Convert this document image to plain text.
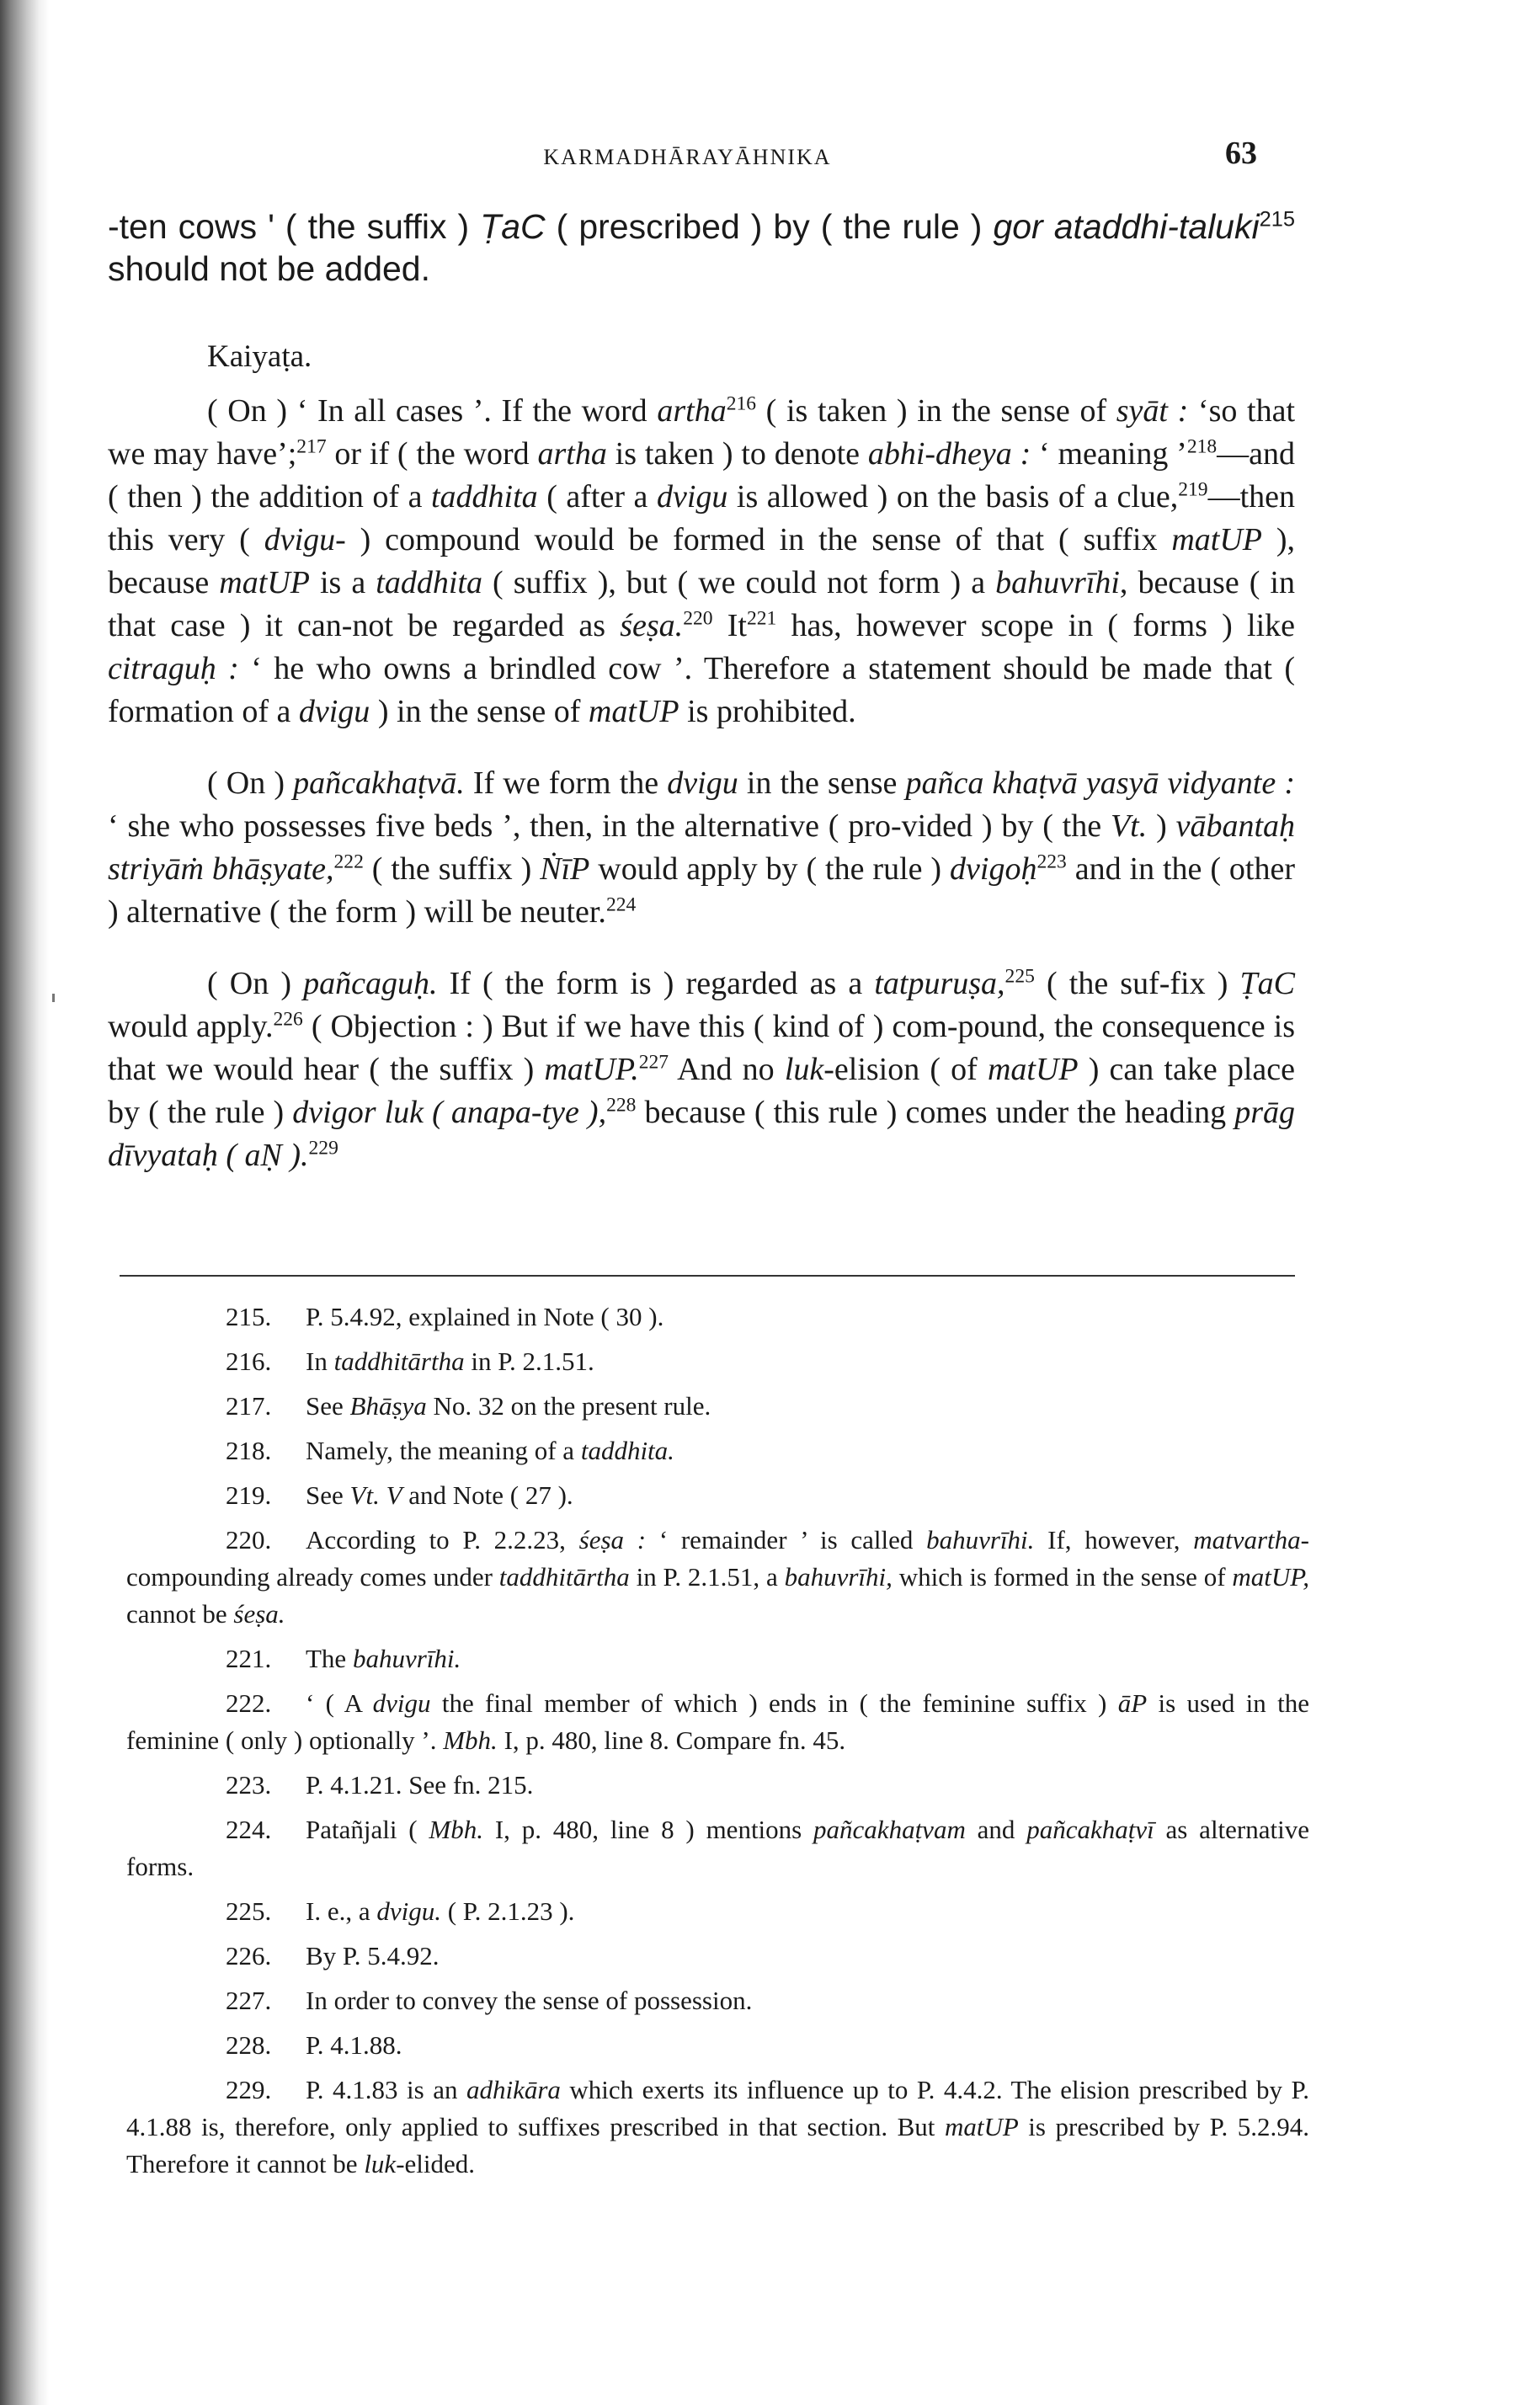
KARMADHĀRAYĀHNIKA	63

-ten cows ' ( the suffix ) ṬaC ( prescribed ) by ( the rule ) gor ataddhi-taluki$^{215}$ should not be added.

Kaiyaṭa.

( On ) ‘ In all cases ’. If the word artha$^{216}$ ( is taken ) in the sense of syāt : ‘so that we may have’;$^{217}$ or if ( the word artha is taken ) to denote abhi-dheya : ‘ meaning ’$^{218}$—and ( then ) the addition of a taddhita ( after a dvigu is allowed ) on the basis of a clue,$^{219}$—then this very ( dvigu- ) compound would be formed in the sense of that ( suffix matUP ), because matUP is a taddhita ( suffix ), but ( we could not form ) a bahuvrīhi, because ( in that case ) it can-not be regarded as śeṣa.$^{220}$ It$^{221}$ has, however scope in ( forms ) like citraguḥ : ‘ he who owns a brindled cow ’. Therefore a statement should be made that ( formation of a dvigu ) in the sense of matUP is prohibited.

( On ) pañcakhaṭvā. If we form the dvigu in the sense pañca khaṭvā yasyā vidyante : ‘ she who possesses five beds ’, then, in the alternative ( pro-vided ) by ( the Vt. ) vābantaḥ striyāṁ bhāṣyate,$^{222}$ ( the suffix ) ṄīP would apply by ( the rule ) dvigoḥ$^{223}$ and in the ( other ) alternative ( the form ) will be neuter.$^{224}$

( On ) pañcaguḥ. If ( the form is ) regarded as a tatpuruṣa,$^{225}$ ( the suf-fix ) ṬaC would apply.$^{226}$ ( Objection : ) But if we have this ( kind of ) com-pound, the consequence is that we would hear ( the suffix ) matUP.$^{227}$ And no luk-elision ( of matUP ) can take place by ( the rule ) dvigor luk ( anapa-tye ),$^{228}$ because ( this rule ) comes under the heading prāg dīvyataḥ ( aṆ ).$^{229}$

215. P. 5.4.92, explained in Note ( 30 ).

216. In taddhitārtha in P. 2.1.51.

217. See Bhāṣya No. 32 on the present rule.

218. Namely, the meaning of a taddhita.

219. See Vt. V and Note ( 27 ).

220. According to P. 2.2.23, śeṣa : ‘ remainder ’ is called bahuvrīhi. If, however, matvartha-compounding already comes under taddhitārtha in P. 2.1.51, a bahuvrīhi, which is formed in the sense of matUP, cannot be śeṣa.

221. The bahuvrīhi.

222. ‘ ( A dvigu the final member of which ) ends in ( the feminine suffix ) āP is used in the feminine ( only ) optionally ’. Mbh. I, p. 480, line 8. Compare fn. 45.

223. P. 4.1.21. See fn. 215.

224. Patañjali ( Mbh. I, p. 480, line 8 ) mentions pañcakhaṭvam and pañcakhaṭvī as alternative forms.

225. I. e., a dvigu. ( P. 2.1.23 ).

226. By P. 5.4.92.

227. In order to convey the sense of possession.

228. P. 4.1.88.

229. P. 4.1.83 is an adhikāra which exerts its influence up to P. 4.4.2. The elision prescribed by P. 4.1.88 is, therefore, only applied to suffixes prescribed in that section. But matUP is prescribed by P. 5.2.94. Therefore it cannot be luk-elided.
